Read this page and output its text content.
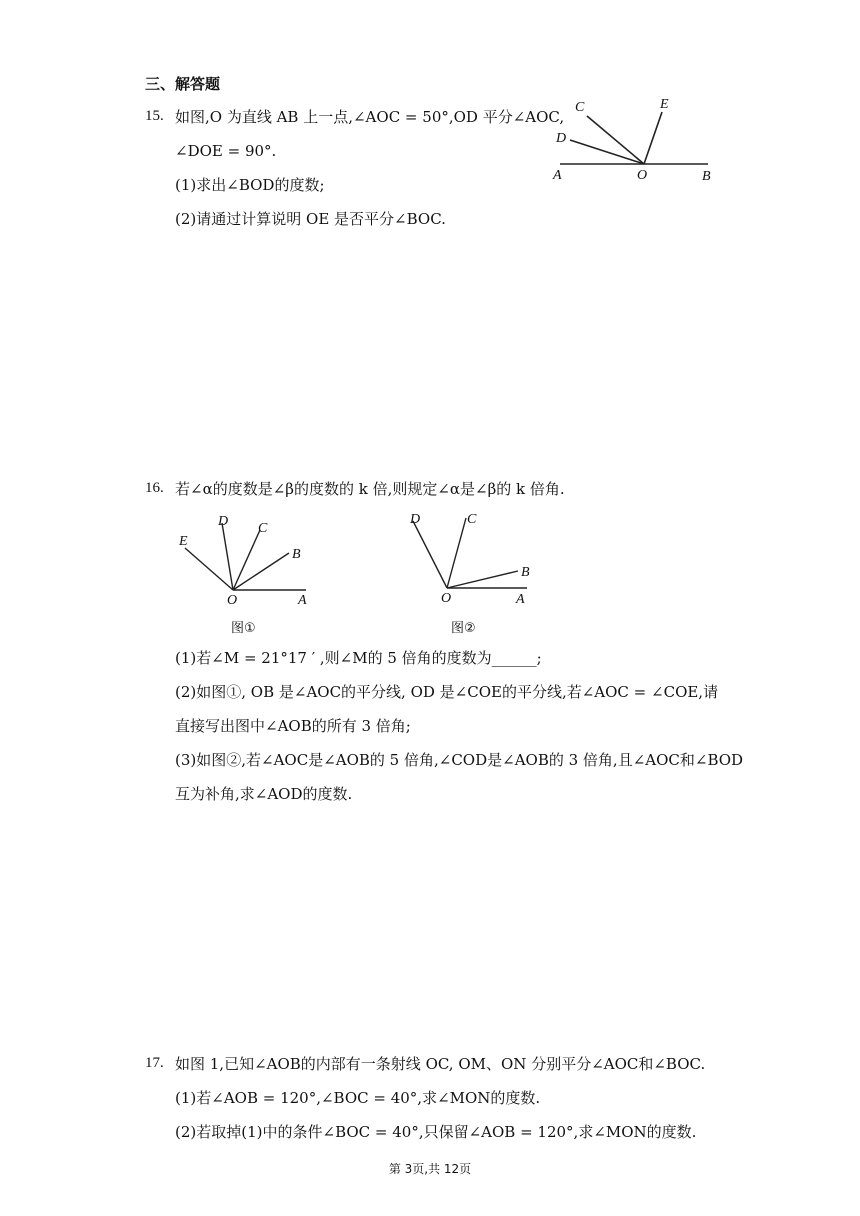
三、解答题
15. 如图,O 为直线 AB 上一点,∠AOC = 50°,OD 平分∠AOC,
∠DOE = 90°.
(1)求出∠BOD的度数;
(2)请通过计算说明 OE 是否平分∠BOC.
C
D
E
A	O	B
16. 若∠α的度数是∠β的度数的 k 倍,则规定∠α是∠β的 k 倍角.
E
D C
B
O	A
图①
D	C
B
O	A
图②
(1)若∠M = 21°17 ′ ,则∠M的 5 倍角的度数为______;
(2)如图①, OB 是∠AOC的平分线, OD 是∠COE的平分线,若∠AOC = ∠COE,请
直接写出图中∠AOB的所有 3 倍角;
(3)如图②,若∠AOC是∠AOB的 5 倍角,∠COD是∠AOB的 3 倍角,且∠AOC和∠BOD
互为补角,求∠AOD的度数.
17. 如图 1,已知∠AOB的内部有一条射线 OC, OM、ON 分别平分∠AOC和∠BOC.
(1)若∠AOB = 120°,∠BOC = 40°,求∠MON的度数.
(2)若取掉(1)中的条件∠BOC = 40°,只保留∠AOB = 120°,求∠MON的度数.
第 3页,共 12页
